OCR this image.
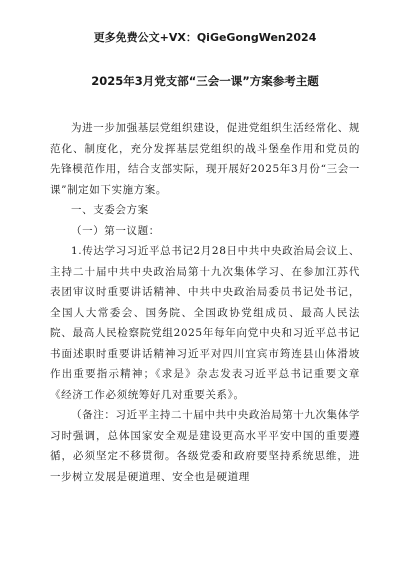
更多免费公文+VX：QiGeGongWen2024
2025年3月党支部“三会一课”方案参考主题

为进一步加强基层党组织建设，促进党组织生活经常化、规范化、制度化，充分发挥基层党组织的战斗堡垒作用和党员的先锋模范作用，结合支部实际，现开展好2025年3月份“三会一课”制定如下实施方案。

一、支委会方案

（一）第一议题：

1.传达学习习近平总书记2月28日中共中央政治局会议上、主持二十届中共中央政治局第十九次集体学习、在参加江苏代表团审议时重要讲话精神、中共中央政治局委员书记处书记，全国人大常委会、国务院、全国政协党组成员、最高人民法院、最高人民检察院党组2025年每年向党中央和习近平总书记书面述职时重要讲话精神习近平对四川宜宾市筠连县山体滑坡作出重要指示精神；《求是》杂志发表习近平总书记重要文章《经济工作必须统筹好几对重要关系》。

（备注：习近平主持二十届中共中央政治局第十九次集体学习时强调，总体国家安全观是建设更高水平平安中国的重要遵循，必须坚定不移贯彻。各级党委和政府要坚持系统思维，进一步树立发展是硬道理、安全也是硬道理
